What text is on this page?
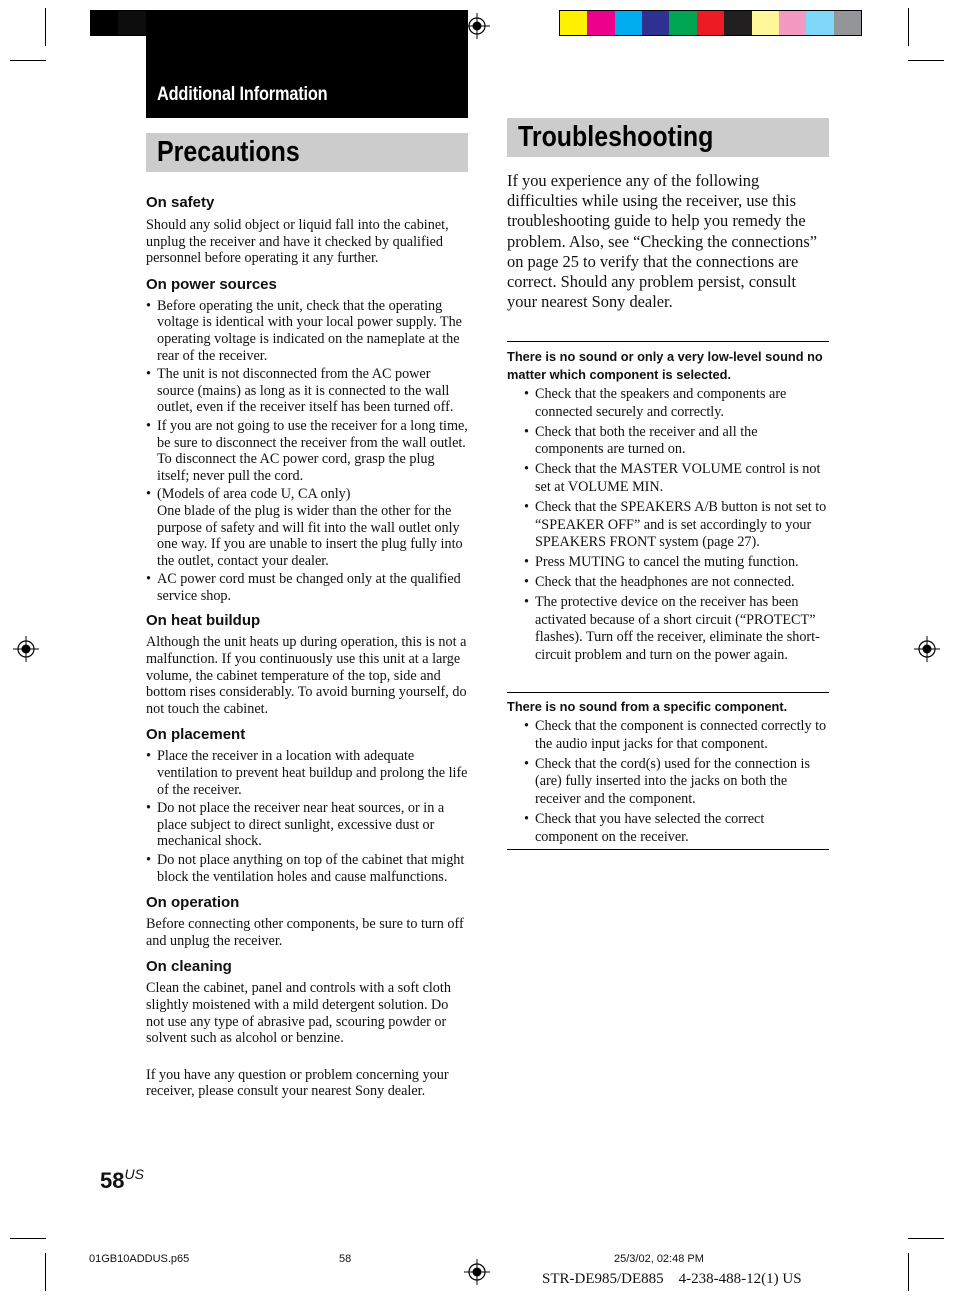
Additional Information
Precautions	Troubleshooting
On safety

Should any solid object or liquid fall into the cabinet, unplug the receiver and have it checked by qualified personnel before operating it any further.

On power sources
• Before operating the unit, check that the operating voltage is identical with your local power supply. The operating voltage is indicated on the nameplate at the rear of the receiver.
• The unit is not disconnected from the AC power source (mains) as long as it is connected to the wall outlet, even if the receiver itself has been turned off.
• If you are not going to use the receiver for a long time, be sure to disconnect the receiver from the wall outlet. To disconnect the AC power cord, grasp the plug itself; never pull the cord.
• (Models of area code U, CA only)
One blade of the plug is wider than the other for the purpose of safety and will fit into the wall outlet only one way. If you are unable to insert the plug fully into the outlet, contact your dealer.
• AC power cord must be changed only at the qualified service shop.
On heat buildup

Although the unit heats up during operation, this is not a malfunction. If you continuously use this unit at a large volume, the cabinet temperature of the top, side and bottom rises considerably. To avoid burning yourself, do not touch the cabinet.

On placement
• Place the receiver in a location with adequate ventilation to prevent heat buildup and prolong the life of the receiver.
• Do not place the receiver near heat sources, or in a place subject to direct sunlight, excessive dust or mechanical shock.
• Do not place anything on top of the cabinet that might block the ventilation holes and cause malfunctions.
On operation

Before connecting other components, be sure to turn off and unplug the receiver.

On cleaning

Clean the cabinet, panel and controls with a soft cloth slightly moistened with a mild detergent solution. Do not use any type of abrasive pad, scouring powder or solvent such as alcohol or benzine.

If you have any question or problem concerning your receiver, please consult your nearest Sony dealer.

If you experience any of the following difficulties while using the receiver, use this troubleshooting guide to help you remedy the problem. Also, see “Checking the connections” on page 25 to verify that the connections are correct. Should any problem persist, consult your nearest Sony dealer.
There is no sound or only a very low-level sound no matter which component is selected.
• Check that the speakers and components are connected securely and correctly.
• Check that both the receiver and all the components are turned on.
• Check that the MASTER VOLUME control is not set at VOLUME MIN.
• Check that the SPEAKERS A/B button is not set to “SPEAKER OFF” and is set accordingly to your SPEAKERS FRONT system (page 27).
• Press MUTING to cancel the muting function.
• Check that the headphones are not connected.
• The protective device on the receiver has been activated because of a short circuit (“PROTECT” flashes). Turn off the receiver, eliminate the short-circuit problem and turn on the power again.
There is no sound from a specific component.
• Check that the component is connected correctly to the audio input jacks for that component.
• Check that the cord(s) used for the connection is (are) fully inserted into the jacks on both the receiver and the component.
• Check that you have selected the correct component on the receiver.
$58^{US}$
01GB10ADDUS.p65	58	25/3/02, 02:48 PM
STR-DE985/DE885    4-238-488-12(1) US
